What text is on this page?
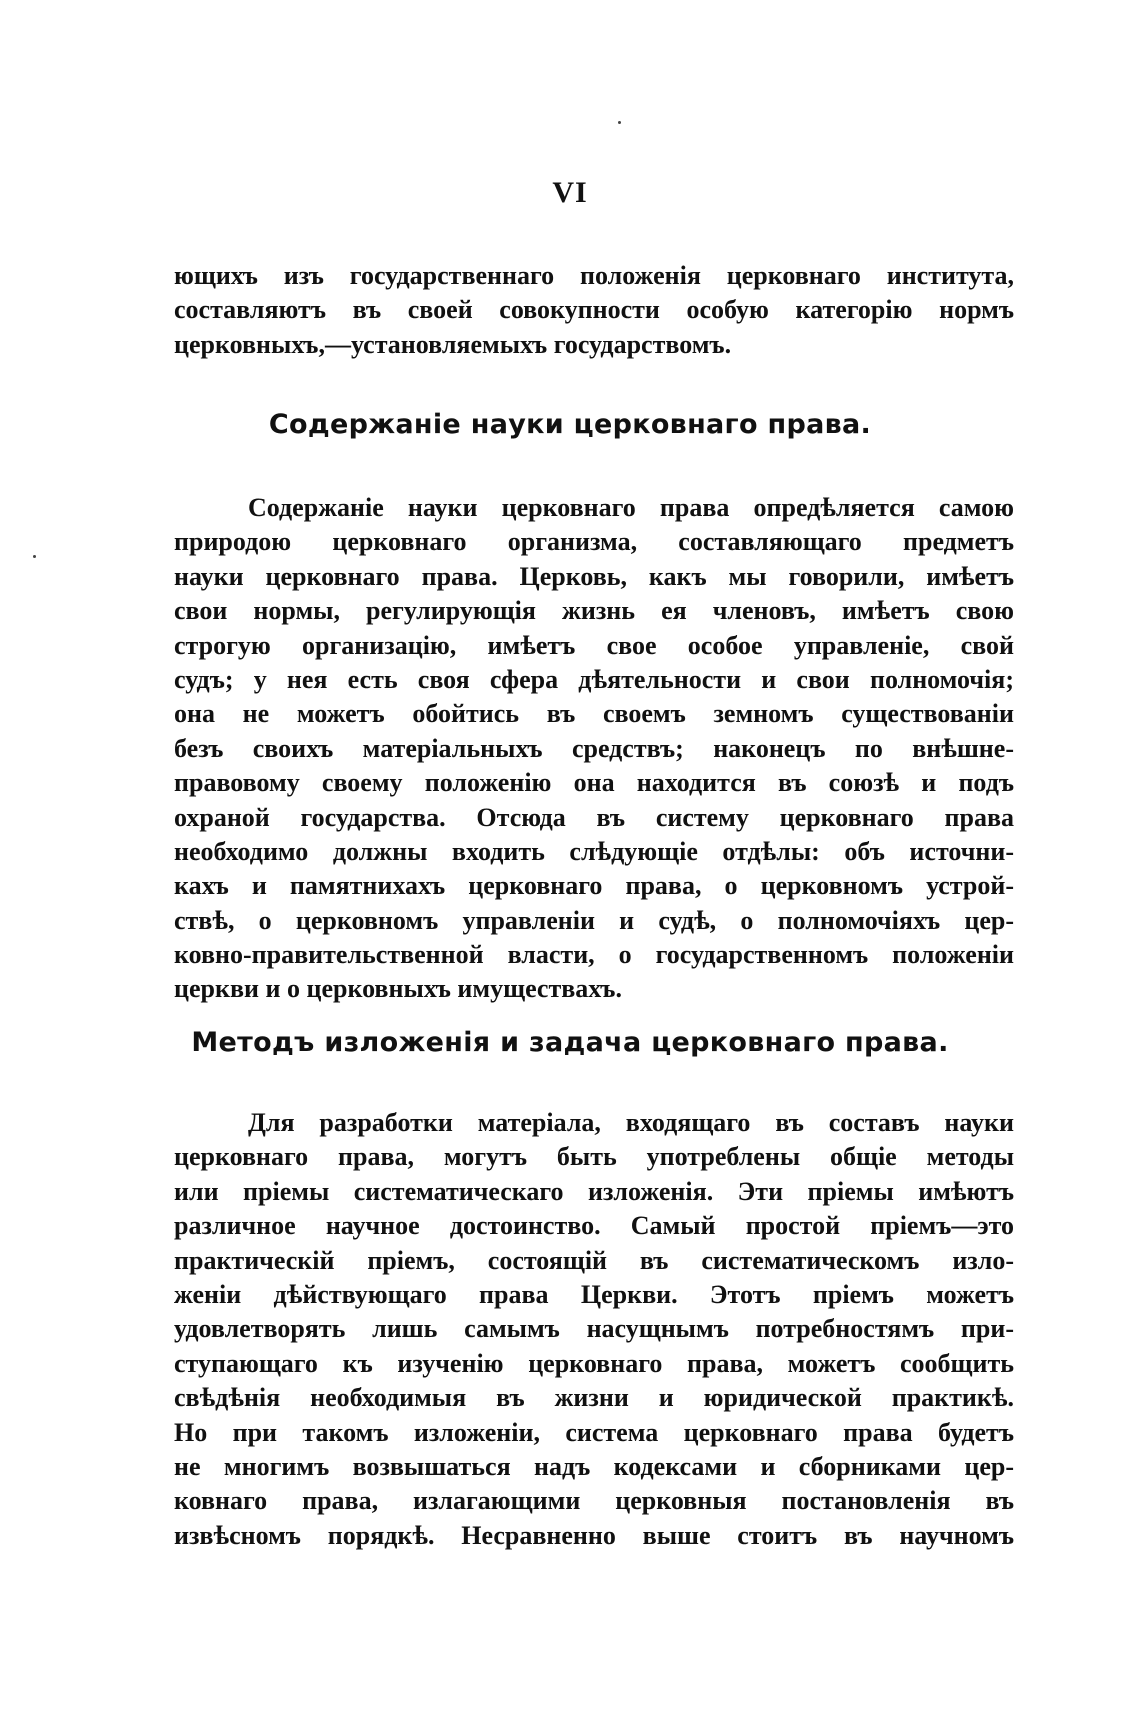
VI
ющихъ изъ государственнаго положенія церковнаго института,
составляютъ въ своей совокупности особую категорію нормъ
церковныхъ,—установляемыхъ государствомъ.
Содержаніе науки церковнаго права.
Содержаніе науки церковнаго права опредѣляется самою
природою церковнаго организма, составляющаго предметъ
науки церковнаго права. Церковь, какъ мы говорили, имѣетъ
свои нормы, регулирующія жизнь ея членовъ, имѣетъ свою
строгую организацію, имѣетъ свое особое управленіе, свой
судъ; у нея есть своя сфера дѣятельности и свои полномочія;
она не можетъ обойтись въ своемъ земномъ существованіи
безъ своихъ матеріальныхъ средствъ; наконецъ по внѣшне-
правовому своему положенію она находится въ союзѣ и подъ
охраной государства. Отсюда въ систему церковнаго права
необходимо должны входить слѣдующіе отдѣлы: объ источни-
кахъ и памятнихахъ церковнаго права, о церковномъ устрой-
ствѣ, о церковномъ управленіи и судѣ, о полномочіяхъ цер-
ковно-правительственной власти, о государственномъ положеніи
церкви и о церковныхъ имуществахъ.
Методъ изложенія и задача церковнаго права.
Для разработки матеріала, входящаго въ составъ науки
церковнаго права, могутъ быть употреблены общіе методы
или пріемы систематическаго изложенія. Эти пріемы имѣютъ
различное научное достоинство. Самый простой пріемъ—это
практическій пріемъ, состоящій въ систематическомъ изло-
женіи дѣйствующаго права Церкви. Этотъ пріемъ можетъ
удовлетворять лишь самымъ насущнымъ потребностямъ при-
ступающаго къ изученію церковнаго права, можетъ сообщить
свѣдѣнія необходимыя въ жизни и юридической практикѣ.
Но при такомъ изложеніи, система церковнаго права будетъ
не многимъ возвышаться надъ кодексами и сборниками цер-
ковнаго права, излагающими церковныя постановленія въ
извѣсномъ порядкѣ. Несравненно выше стоитъ въ научномъ
